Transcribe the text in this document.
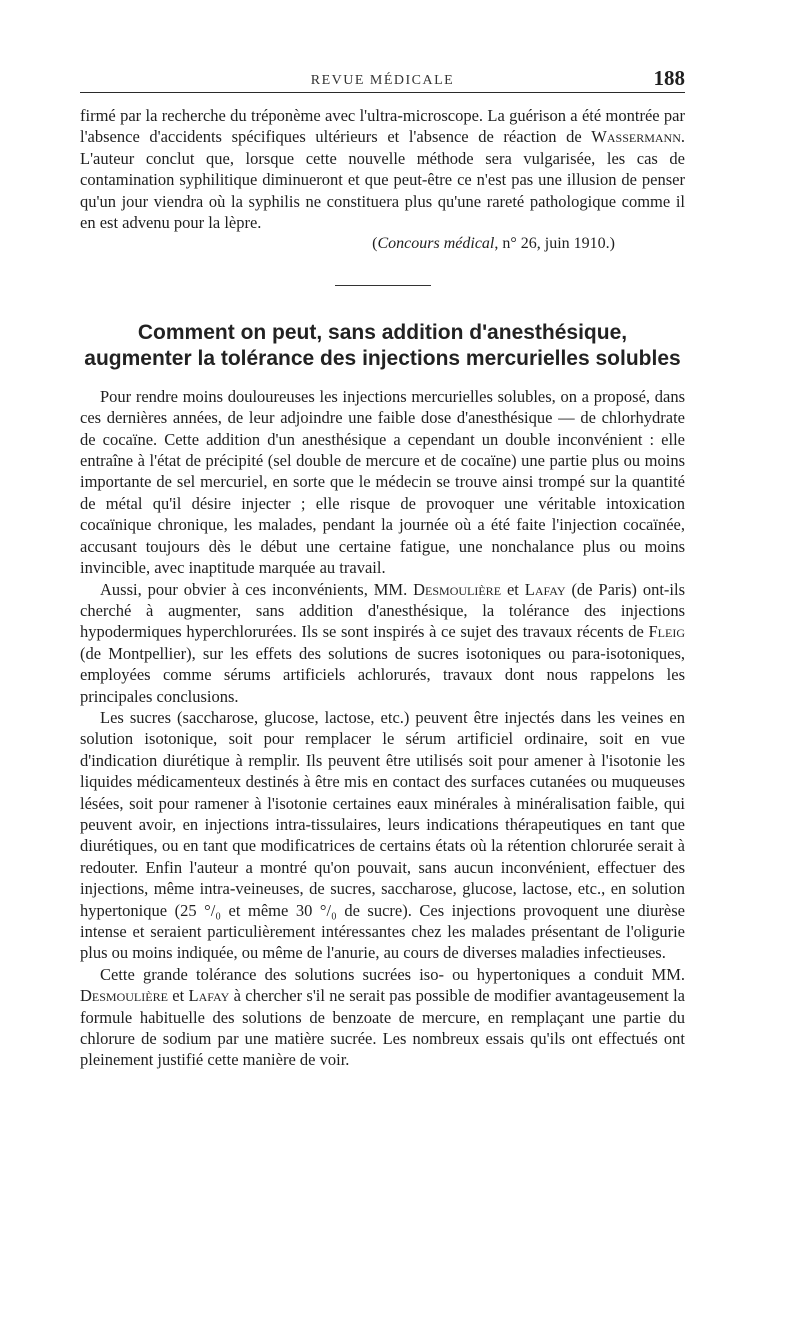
REVUE MÉDICALE	188

firmé par la recherche du tréponème avec l'ultra-microscope. La guérison a été montrée par l'absence d'accidents spécifiques ultérieurs et l'absence de réaction de Wassermann. L'auteur conclut que, lorsque cette nouvelle méthode sera vulgarisée, les cas de contamination syphilitique diminueront et que peut-être ce n'est pas une illusion de penser qu'un jour viendra où la syphilis ne constituera plus qu'une rareté pathologique comme il en est advenu pour la lèpre.

(Concours médical, n° 26, juin 1910.)

Comment on peut, sans addition d'anesthésique,
augmenter la tolérance des injections mercurielles solubles

Pour rendre moins douloureuses les injections mercurielles solubles, on a proposé, dans ces dernières années, de leur adjoindre une faible dose d'anesthésique — de chlorhydrate de cocaïne. Cette addition d'un anesthésique a cependant un double inconvénient : elle entraîne à l'état de précipité (sel double de mercure et de cocaïne) une partie plus ou moins importante de sel mercuriel, en sorte que le médecin se trouve ainsi trompé sur la quantité de métal qu'il désire injecter ; elle risque de provoquer une véritable intoxication cocaïnique chronique, les malades, pendant la journée où a été faite l'injection cocaïnée, accusant toujours dès le début une certaine fatigue, une nonchalance plus ou moins invincible, avec inaptitude marquée au travail.

Aussi, pour obvier à ces inconvénients, MM. Desmoulière et Lafay (de Paris) ont-ils cherché à augmenter, sans addition d'anesthésique, la tolérance des injections hypodermiques hyperchlorurées. Ils se sont inspirés à ce sujet des travaux récents de Fleig (de Montpellier), sur les effets des solutions de sucres isotoniques ou para-isotoniques, employées comme sérums artificiels achlorurés, travaux dont nous rappelons les principales conclusions.

Les sucres (saccharose, glucose, lactose, etc.) peuvent être injectés dans les veines en solution isotonique, soit pour remplacer le sérum artificiel ordinaire, soit en vue d'indication diurétique à remplir. Ils peuvent être utilisés soit pour amener à l'isotonie les liquides médicamenteux destinés à être mis en contact des surfaces cutanées ou muqueuses lésées, soit pour ramener à l'isotonie certaines eaux minérales à minéralisation faible, qui peuvent avoir, en injections intra-tissulaires, leurs indications thérapeutiques en tant que diurétiques, ou en tant que modificatrices de certains états où la rétention chlorurée serait à redouter. Enfin l'auteur a montré qu'on pouvait, sans aucun inconvénient, effectuer des injections, même intra-veineuses, de sucres, saccharose, glucose, lactose, etc., en solution hypertonique (25 °/₀ et même 30 °/₀ de sucre). Ces injections provoquent une diurèse intense et seraient particulièrement intéressantes chez les malades présentant de l'oligurie plus ou moins indiquée, ou même de l'anurie, au cours de diverses maladies infectieuses.

Cette grande tolérance des solutions sucrées iso- ou hypertoniques a conduit MM. Desmoulière et Lafay à chercher s'il ne serait pas possible de modifier avantageusement la formule habituelle des solutions de benzoate de mercure, en remplaçant une partie du chlorure de sodium par une matière sucrée. Les nombreux essais qu'ils ont effectués ont pleinement justifié cette manière de voir.
